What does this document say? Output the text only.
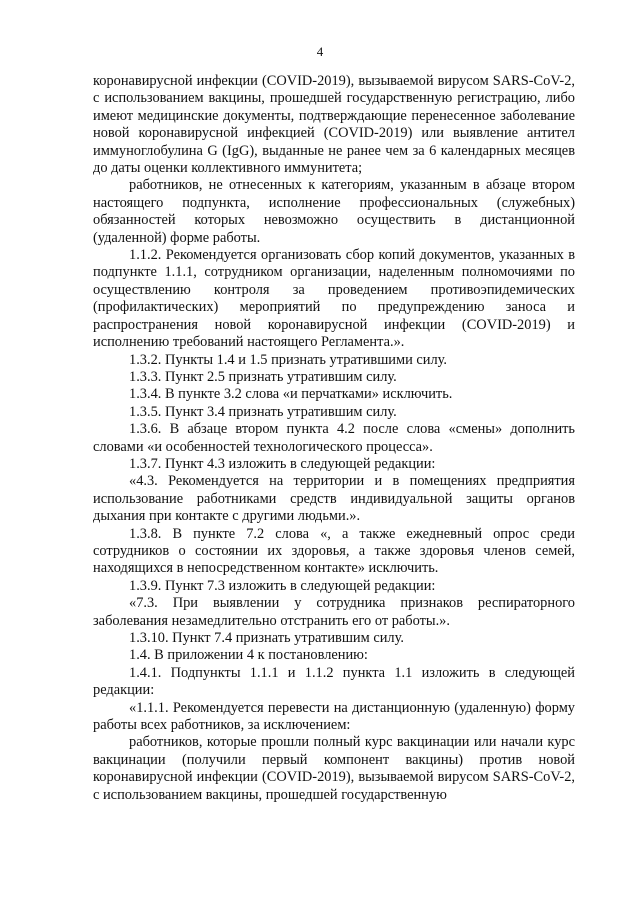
4

коронавирусной инфекции (COVID-2019), вызываемой вирусом SARS-CoV-2, с использованием вакцины, прошедшей государственную регистрацию, либо имеют медицинские документы, подтверждающие перенесенное заболевание новой коронавирусной инфекцией (COVID-2019) или выявление антител иммуноглобулина G (IgG), выданные не ранее чем за 6 календарных месяцев до даты оценки коллективного иммунитета;

работников, не отнесенных к категориям, указанным в абзаце втором настоящего подпункта, исполнение профессиональных (служебных) обязанностей которых невозможно осуществить в дистанционной (удаленной) форме работы.

1.1.2. Рекомендуется организовать сбор копий документов, указанных в подпункте 1.1.1, сотрудником организации, наделенным полномочиями по осуществлению контроля за проведением противоэпидемических (профилактических) мероприятий по предупреждению заноса и распространения новой коронавирусной инфекции (COVID-2019) и исполнению требований настоящего Регламента.».

1.3.2. Пункты 1.4 и 1.5 признать утратившими силу.

1.3.3. Пункт 2.5 признать утратившим силу.

1.3.4. В пункте 3.2 слова «и перчатками» исключить.

1.3.5. Пункт 3.4 признать утратившим силу.

1.3.6. В абзаце втором пункта 4.2 после слова «смены» дополнить словами «и особенностей технологического процесса».

1.3.7. Пункт 4.3 изложить в следующей редакции:

«4.3. Рекомендуется на территории и в помещениях предприятия использование работниками средств индивидуальной защиты органов дыхания при контакте с другими людьми.».

1.3.8. В пункте 7.2 слова «, а также ежедневный опрос среди сотрудников о состоянии их здоровья, а также здоровья членов семей, находящихся в непосредственном контакте» исключить.

1.3.9. Пункт 7.3 изложить в следующей редакции:

«7.3. При выявлении у сотрудника признаков респираторного заболевания незамедлительно отстранить его от работы.».

1.3.10. Пункт 7.4 признать утратившим силу.

1.4. В приложении 4 к постановлению:

1.4.1. Подпункты 1.1.1 и 1.1.2 пункта 1.1 изложить в следующей редакции:

«1.1.1. Рекомендуется перевести на дистанционную (удаленную) форму работы всех работников, за исключением:

работников, которые прошли полный курс вакцинации или начали курс вакцинации (получили первый компонент вакцины) против новой коронавирусной инфекции (COVID-2019), вызываемой вирусом SARS-CoV-2, с использованием вакцины, прошедшей государственную
